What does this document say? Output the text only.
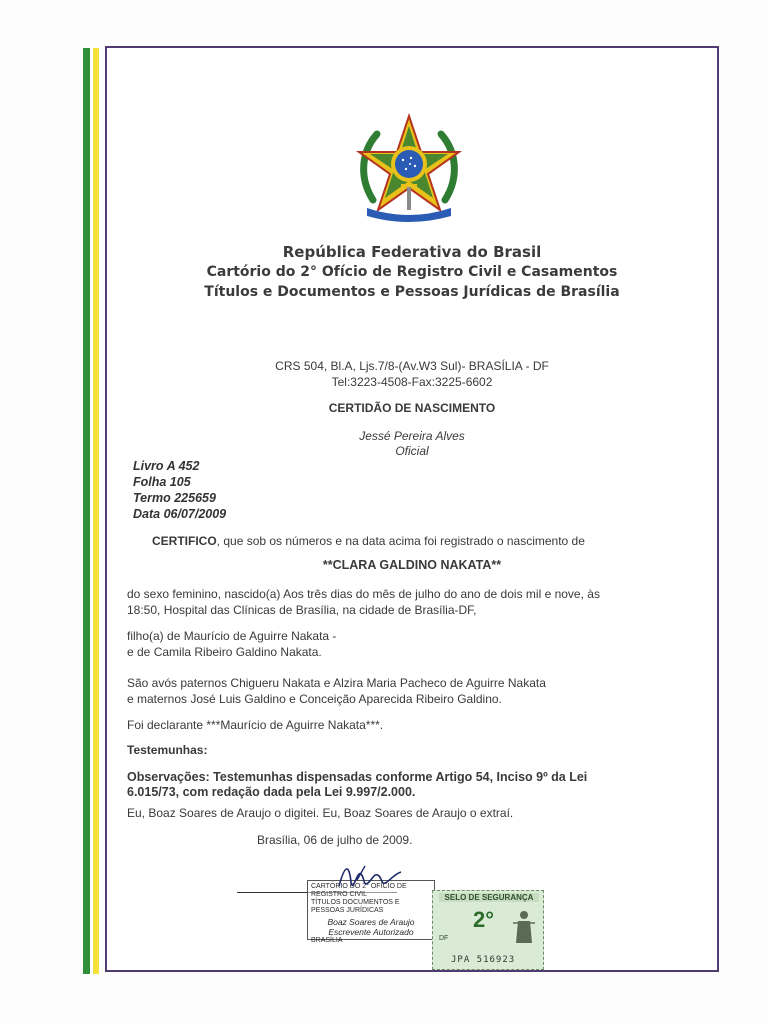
República Federativa do Brasil
Cartório do 2° Ofício de Registro Civil e Casamentos
Títulos e Documentos e Pessoas Jurídicas de Brasília
CRS 504, Bl.A, Ljs.7/8-(Av.W3 Sul)- BRASÍLIA - DF
Tel:3223-4508-Fax:3225-6602
CERTIDÃO DE NASCIMENTO
Jessé Pereira Alves
Oficial
Livro A 452
Folha 105
Termo 225659
Data 06/07/2009
CERTIFICO, que sob os números e na data acima foi registrado o nascimento de
**CLARA GALDINO NAKATA**
do sexo feminino, nascido(a) Aos três dias do mês de julho do ano de dois mil e nove, às
18:50, Hospital das Clínicas de Brasília, na cidade de Brasília-DF,
filho(a) de Maurício de Aguirre Nakata -
e de Camila Ribeiro Galdino Nakata.
São avós paternos Chigueru Nakata e Alzira Maria Pacheco de Aguirre Nakata
e maternos José Luis Galdino e Conceição Aparecida Ribeiro Galdino.
Foi declarante ***Maurício de Aguirre Nakata***.
Testemunhas:
Observações: Testemunhas dispensadas conforme Artigo 54, Inciso 9º da Lei
6.015/73, com redação dada pela Lei 9.997/2.000.
Eu, Boaz Soares de Araujo o digitei. Eu, Boaz Soares de Araujo o extraí.
Brasília, 06 de julho de 2009.
CARTÓRIO DO 2° OFÍCIO DE REGISTRO CIVIL
TÍTULOS DOCUMENTOS E PESSOAS JURÍDICAS
Boaz Soares de Araujo
Escrevente Autorizado
BRASÍLIA
SELO DE SEGURANÇA
2°
DF
JPA 516923
